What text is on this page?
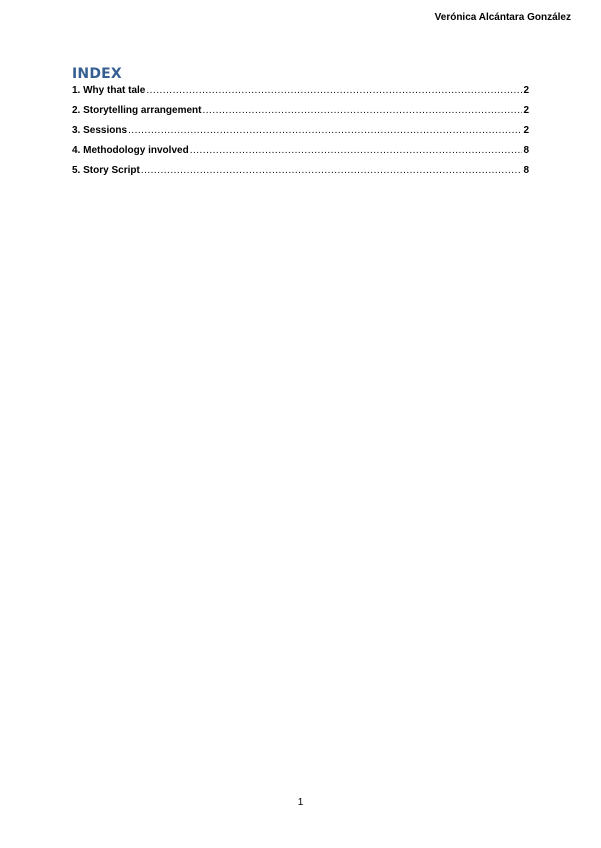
Verónica Alcántara González
INDEX
1. Why that tale .....	2
2. Storytelling arrangement .....	2
3. Sessions .....	2
4. Methodology involved .....	8
5. Story Script .....	8
1
